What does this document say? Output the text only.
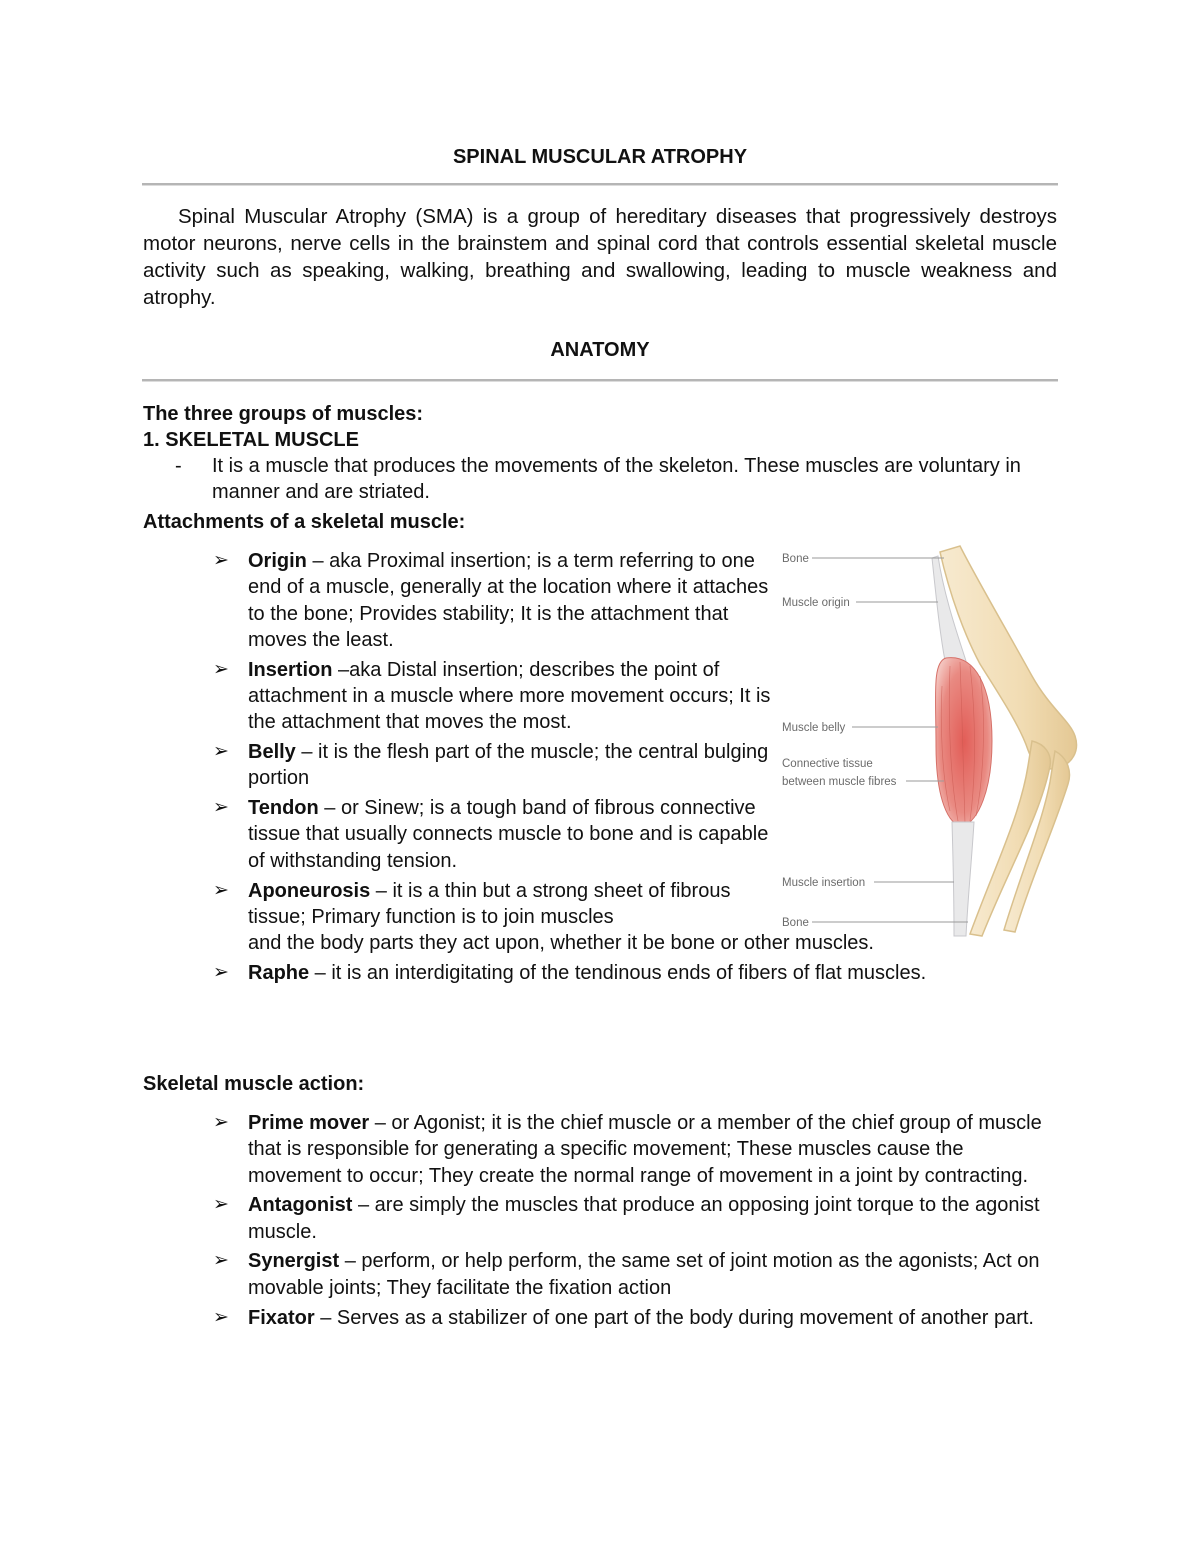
SPINAL MUSCULAR ATROPHY
Spinal Muscular Atrophy (SMA) is a group of hereditary diseases that progressively destroys motor neurons, nerve cells in the brainstem and spinal cord that controls essential skeletal muscle activity such as speaking, walking, breathing and swallowing, leading to muscle weakness and atrophy.
ANATOMY
The three groups of muscles:
1. SKELETAL MUSCLE
- It is a muscle that produces the movements of the skeleton. These muscles are voluntary in manner and are striated.
Attachments of a skeletal muscle:
➢ Origin – aka Proximal insertion; is a term referring to one end of a muscle, generally at the location where it attaches to the bone; Provides stability; It is the attachment that moves the least.
➢ Insertion –aka Distal insertion; describes the point of attachment in a muscle where more movement occurs; It is the attachment that moves the most.
➢ Belly – it is the flesh part of the muscle; the central bulging portion
➢ Tendon – or Sinew; is a tough band of fibrous connective tissue that usually connects muscle to bone and is capable of withstanding tension.
➢ Aponeurosis – it is a thin but a strong sheet of fibrous tissue; Primary function is to join muscles
and the body parts they act upon, whether it be bone or other muscles.
➢ Raphe – it is an interdigitating of the tendinous ends of fibers of flat muscles.
Skeletal muscle action:
➢ Prime mover – or Agonist; it is the chief muscle or a member of the chief group of muscle that is responsible for generating a specific movement; These muscles cause the movement to occur; They create the normal range of movement in a joint by contracting.
➢ Antagonist – are simply the muscles that produce an opposing joint torque to the agonist muscle.
➢ Synergist – perform, or help perform, the same set of joint motion as the agonists; Act on movable joints; They facilitate the fixation action
➢ Fixator – Serves as a stabilizer of one part of the body during movement of another part.
Bone
Muscle origin
Muscle belly
Connective tissue
between muscle fibres
Muscle insertion
Bone
